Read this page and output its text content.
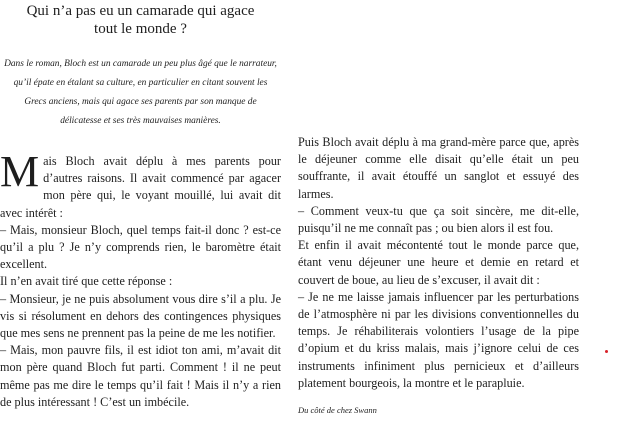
Qui n’a pas eu un camarade qui agace tout le monde ?
Dans le roman, Bloch est un camarade un peu plus âgé que le narrateur, qu’il épate en étalant sa culture, en particulier en citant souvent les Grecs anciens, mais qui agace ses parents par son manque de délicatesse et ses très mauvaises manières.

Mais Bloch avait déplu à mes parents pour d’autres raisons. Il avait commencé par agacer mon père qui, le voyant mouillé, lui avait dit avec intérêt :

– Mais, monsieur Bloch, quel temps fait-il donc ? est-ce qu’il a plu ? Je n’y comprends rien, le baromètre était excellent.

Il n’en avait tiré que cette réponse :

– Monsieur, je ne puis absolument vous dire s’il a plu. Je vis si résolument en dehors des contingences physiques que mes sens ne prennent pas la peine de me les notifier.

– Mais, mon pauvre fils, il est idiot ton ami, m’avait dit mon père quand Bloch fut parti. Comment ! il ne peut même pas me dire le temps qu’il fait ! Mais il n’y a rien de plus intéressant ! C’est un imbécile.

Puis Bloch avait déplu à ma grand-mère parce que, après le déjeuner comme elle disait qu’elle était un peu souffrante, il avait étouffé un sanglot et essuyé des larmes.

– Comment veux-tu que ça soit sincère, me dit-elle, puisqu’il ne me connaît pas ; ou bien alors il est fou.

Et enfin il avait mécontenté tout le monde parce que, étant venu déjeuner une heure et demie en retard et couvert de boue, au lieu de s’excuser, il avait dit :

– Je ne me laisse jamais influencer par les perturbations de l’atmosphère ni par les divisions conventionnelles du temps. Je réhabiliterais volontiers l’usage de la pipe d’opium et du kriss malais, mais j’ignore celui de ces instruments infiniment plus pernicieux et d’ailleurs platement bourgeois, la montre et le parapluie.

Du côté de chez Swann
